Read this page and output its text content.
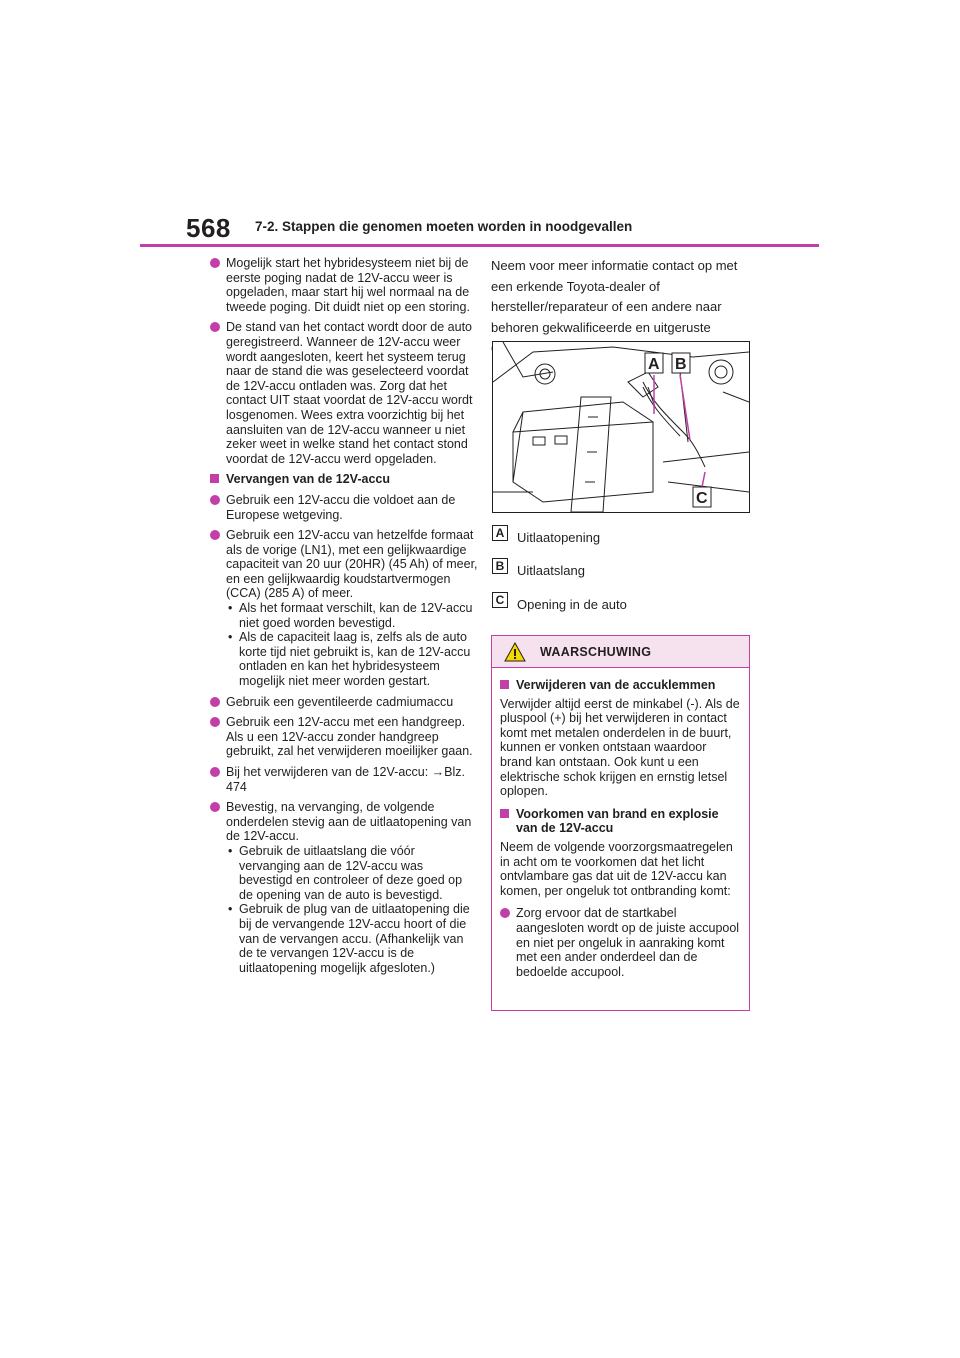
568 7-2. Stappen die genomen moeten worden in noodgevallen
Mogelijk start het hybridesysteem niet bij de eerste poging nadat de 12V-accu weer is opgeladen, maar start hij wel normaal na de tweede poging. Dit duidt niet op een storing.
De stand van het contact wordt door de auto geregistreerd. Wanneer de 12V-accu weer wordt aangesloten, keert het systeem terug naar de stand die was geselecteerd voordat de 12V-accu ontladen was. Zorg dat het contact UIT staat voordat de 12V-accu wordt losgenomen. Wees extra voorzichtig bij het aansluiten van de 12V-accu wanneer u niet zeker weet in welke stand het contact stond voordat de 12V-accu werd opgeladen.
Vervangen van de 12V-accu
Gebruik een 12V-accu die voldoet aan de Europese wetgeving.
Gebruik een 12V-accu van hetzelfde formaat als de vorige (LN1), met een gelijkwaardige capaciteit van 20 uur (20HR) (45 Ah) of meer, en een gelijkwaardig koudstartvermogen (CCA) (285 A) of meer.
• Als het formaat verschilt, kan de 12V-accu niet goed worden bevestigd.
• Als de capaciteit laag is, zelfs als de auto korte tijd niet gebruikt is, kan de 12V-accu ontladen en kan het hybridesysteem mogelijk niet meer worden gestart.
Gebruik een geventileerde cadmiumaccu
Gebruik een 12V-accu met een handgreep. Als u een 12V-accu zonder handgreep gebruikt, zal het verwijderen moeilijker gaan.
Bij het verwijderen van de 12V-accu: →Blz. 474
Bevestig, na vervanging, de volgende onderdelen stevig aan de uitlaatopening van de 12V-accu.
• Gebruik de uitlaatslang die vóór vervanging aan de 12V-accu was bevestigd en controleer of deze goed op de opening van de auto is bevestigd.
• Gebruik de plug van de uitlaatopening die bij de vervangende 12V-accu hoort of die van de vervangen accu. (Afhankelijk van de te vervangen 12V-accu is de uitlaatopening mogelijk afgesloten.)

Neem voor meer informatie contact op met een erkende Toyota-dealer of hersteller/reparateur of een andere naar behoren gekwalificeerde en uitgeruste

A B
C
A Uitlaatopening
B Uitlaatslang
C Opening in de auto
WAARSCHUWING
Verwijderen van de accuklemmen

Verwijder altijd eerst de minkabel (-). Als de pluspool (+) bij het verwijderen in contact komt met metalen onderdelen in de buurt, kunnen er vonken ontstaan waardoor brand kan ontstaan. Ook kunt u een elektrische schok krijgen en ernstig letsel oplopen.

Voorkomen van brand en explosie van de 12V-accu

Neem de volgende voorzorgsmaatregelen in acht om te voorkomen dat het licht ontvlambare gas dat uit de 12V-accu kan komen, per ongeluk tot ontbranding komt:

Zorg ervoor dat de startkabel aangesloten wordt op de juiste accupool en niet per ongeluk in aanraking komt met een ander onderdeel dan de bedoelde accupool.
